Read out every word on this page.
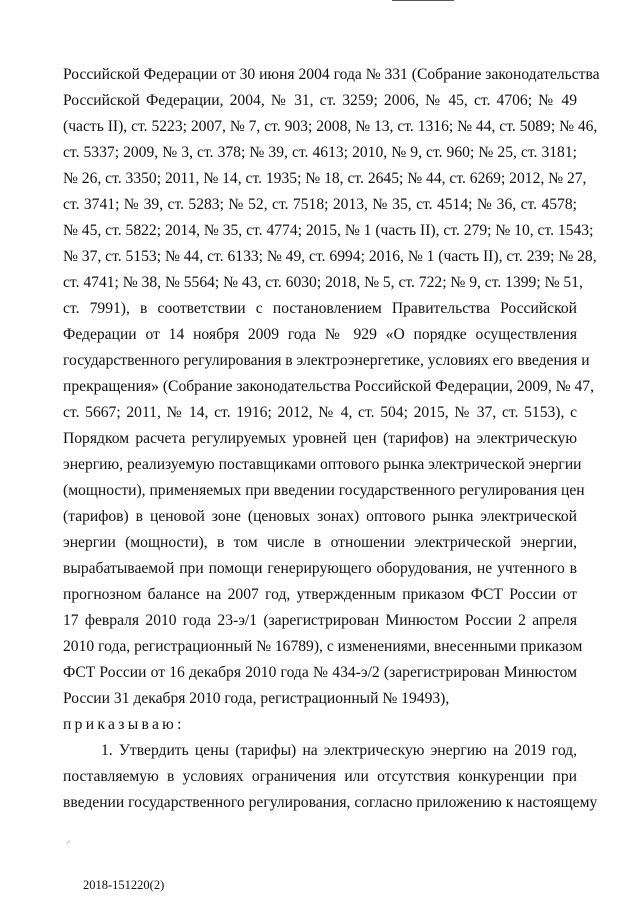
Российской Федерации от 30 июня 2004 года № 331 (Собрание законодательства
Российской Федерации, 2004, № 31, ст. 3259; 2006, № 45, ст. 4706; № 49
(часть II), ст. 5223; 2007, № 7, ст. 903; 2008, № 13, ст. 1316; № 44, ст. 5089; № 46,
ст. 5337; 2009, № 3, ст. 378; № 39, ст. 4613; 2010, № 9, ст. 960; № 25, ст. 3181;
№ 26, ст. 3350; 2011, № 14, ст. 1935; № 18, ст. 2645; № 44, ст. 6269; 2012, № 27,
ст. 3741; № 39, ст. 5283; № 52, ст. 7518; 2013, № 35, ст. 4514; № 36, ст. 4578;
№ 45, ст. 5822; 2014, № 35, ст. 4774; 2015, № 1 (часть II), ст. 279; № 10, ст. 1543;
№ 37, ст. 5153; № 44, ст. 6133; № 49, ст. 6994; 2016, № 1 (часть II), ст. 239; № 28,
ст. 4741; № 38, № 5564; № 43, ст. 6030; 2018, № 5, ст. 722; № 9, ст. 1399; № 51,
ст. 7991), в соответствии с постановлением Правительства Российской
Федерации от 14 ноября 2009 года № 929 «О порядке осуществления
государственного регулирования в электроэнергетике, условиях его введения и
прекращения» (Собрание законодательства Российской Федерации, 2009, № 47,
ст. 5667; 2011, № 14, ст. 1916; 2012, № 4, ст. 504; 2015, № 37, ст. 5153), с
Порядком расчета регулируемых уровней цен (тарифов) на электрическую
энергию, реализуемую поставщиками оптового рынка электрической энергии
(мощности), применяемых при введении государственного регулирования цен
(тарифов) в ценовой зоне (ценовых зонах) оптового рынка электрической
энергии (мощности), в том числе в отношении электрической энергии,
вырабатываемой при помощи генерирующего оборудования, не учтенного в
прогнозном балансе на 2007 год, утвержденным приказом ФСТ России от
17 февраля 2010 года 23-э/1 (зарегистрирован Минюстом России 2 апреля
2010 года, регистрационный № 16789), с изменениями, внесенными приказом
ФСТ России от 16 декабря 2010 года № 434-э/2 (зарегистрирован Минюстом
России 31 декабря 2010 года, регистрационный № 19493),
приказываю:
1. Утвердить цены (тарифы) на электрическую энергию на 2019 год,
поставляемую в условиях ограничения или отсутствия конкуренции при
введении государственного регулирования, согласно приложению к настоящему
⸝
2018-151220(2)
